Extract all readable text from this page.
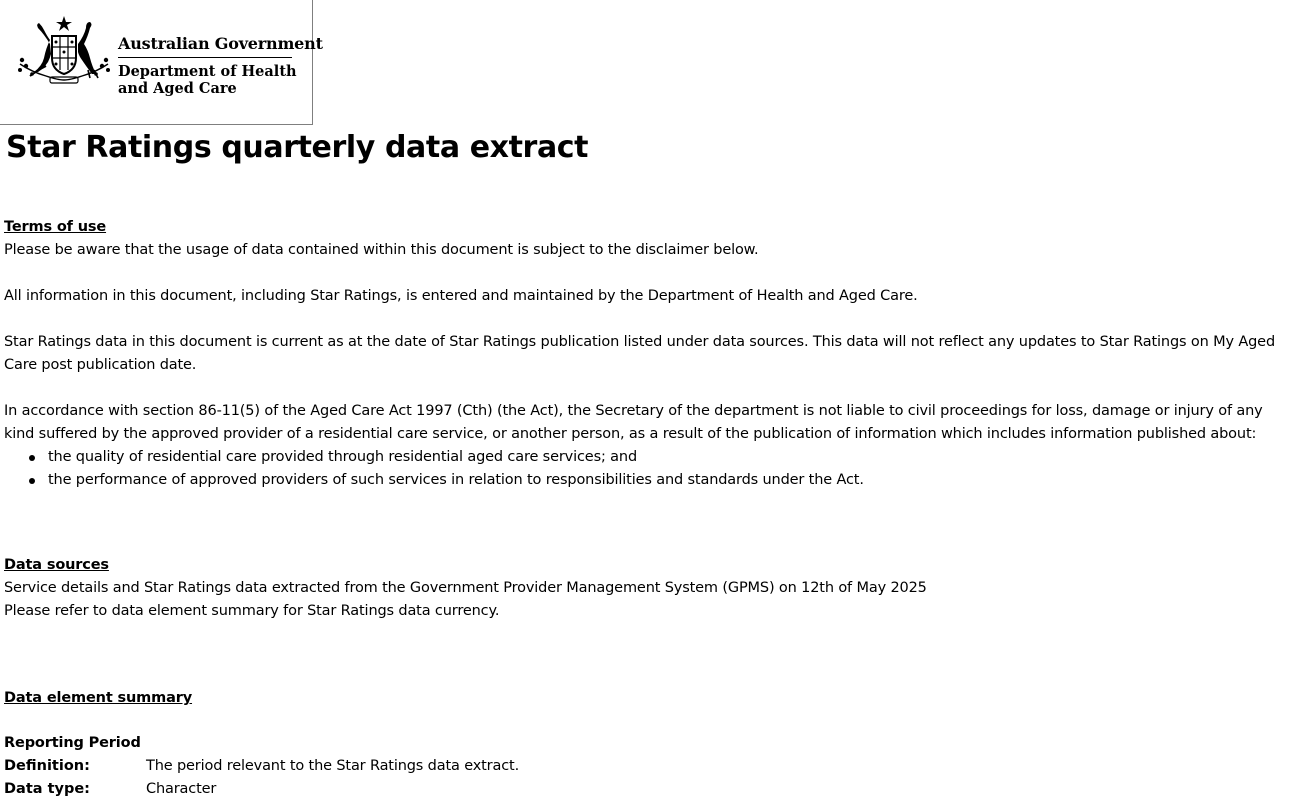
Australian Government
Department of Health
and Aged Care
Star Ratings quarterly data extract
Terms of use
Please be aware that the usage of data contained within this document is subject to the disclaimer below.
All information in this document, including Star Ratings, is entered and maintained by the Department of Health and Aged Care.
Star Ratings data in this document is current as at the date of Star Ratings publication listed under data sources. This data will not reflect any updates to Star Ratings on My Aged Care post publication date.
In accordance with section 86-11(5) of the Aged Care Act 1997 (Cth) (the Act), the Secretary of the department is not liable to civil proceedings for loss, damage or injury of any kind suffered by the approved provider of a residential care service, or another person, as a result of the publication of information which includes information published about:
the quality of residential care provided through residential aged care services; and
the performance of approved providers of such services in relation to responsibilities and standards under the Act.
Data sources
Service details and Star Ratings data extracted from the Government Provider Management System (GPMS) on 12th of May 2025
Please refer to data element summary for Star Ratings data currency.
Data element summary
Reporting Period
Definition:	The period relevant to the Star Ratings data extract.
Data type:	Character
